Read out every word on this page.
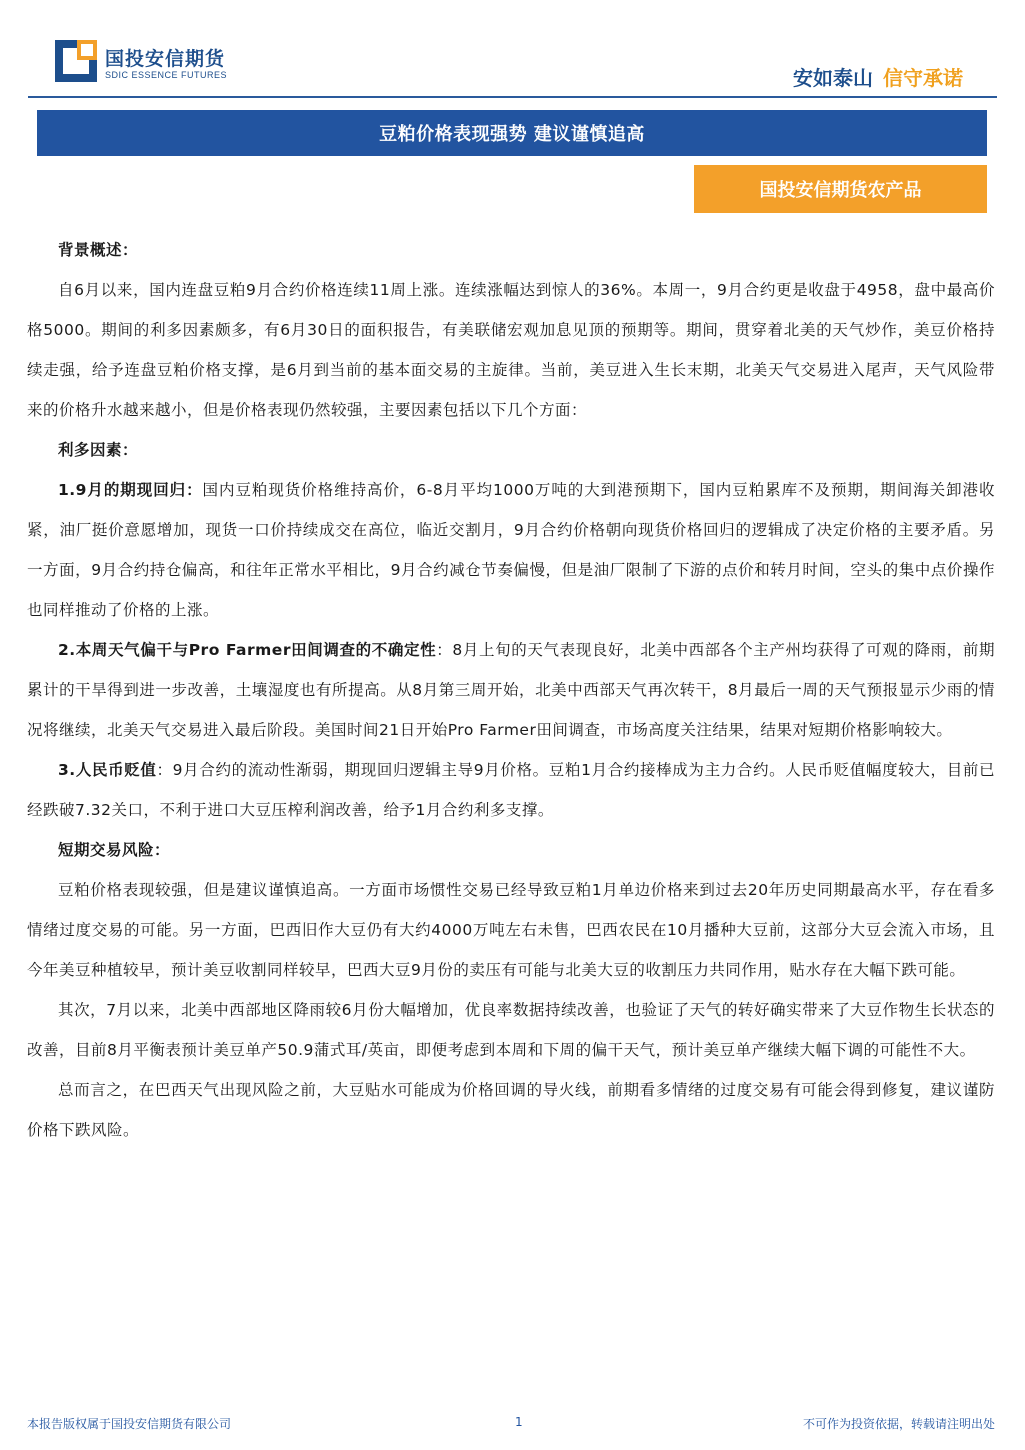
国投安信期货
SDIC ESSENCE FUTURES	安如泰山 信守承诺
豆粕价格表现强势 建议谨慎追高
国投安信期货农产品

背景概述：

自6月以来，国内连盘豆粕9月合约价格连续11周上涨。连续涨幅达到惊人的36%。本周一，9月合约更是收盘于4958，盘中最高价格5000。期间的利多因素颇多，有6月30日的面积报告，有美联储宏观加息见顶的预期等。期间，贯穿着北美的天气炒作，美豆价格持续走强，给予连盘豆粕价格支撑，是6月到当前的基本面交易的主旋律。当前，美豆进入生长末期，北美天气交易进入尾声，天气风险带来的价格升水越来越小，但是价格表现仍然较强，主要因素包括以下几个方面：

利多因素：

1.9月的期现回归：国内豆粕现货价格维持高价，6-8月平均1000万吨的大到港预期下，国内豆粕累库不及预期，期间海关卸港收紧，油厂挺价意愿增加，现货一口价持续成交在高位，临近交割月，9月合约价格朝向现货价格回归的逻辑成了决定价格的主要矛盾。另一方面，9月合约持仓偏高，和往年正常水平相比，9月合约减仓节奏偏慢，但是油厂限制了下游的点价和转月时间，空头的集中点价操作也同样推动了价格的上涨。

2.本周天气偏干与Pro Farmer田间调查的不确定性：8月上旬的天气表现良好，北美中西部各个主产州均获得了可观的降雨，前期累计的干旱得到进一步改善，土壤湿度也有所提高。从8月第三周开始，北美中西部天气再次转干，8月最后一周的天气预报显示少雨的情况将继续，北美天气交易进入最后阶段。美国时间21日开始Pro Farmer田间调查，市场高度关注结果，结果对短期价格影响较大。

3.人民币贬值：9月合约的流动性渐弱，期现回归逻辑主导9月价格。豆粕1月合约接棒成为主力合约。人民币贬值幅度较大，目前已经跌破7.32关口，不利于进口大豆压榨利润改善，给予1月合约利多支撑。

短期交易风险：

豆粕价格表现较强，但是建议谨慎追高。一方面市场惯性交易已经导致豆粕1月单边价格来到过去20年历史同期最高水平，存在看多情绪过度交易的可能。另一方面，巴西旧作大豆仍有大约4000万吨左右未售，巴西农民在10月播种大豆前，这部分大豆会流入市场，且今年美豆种植较早，预计美豆收割同样较早，巴西大豆9月份的卖压有可能与北美大豆的收割压力共同作用，贴水存在大幅下跌可能。

其次，7月以来，北美中西部地区降雨较6月份大幅增加，优良率数据持续改善，也验证了天气的转好确实带来了大豆作物生长状态的改善，目前8月平衡表预计美豆单产50.9蒲式耳/英亩，即便考虑到本周和下周的偏干天气，预计美豆单产继续大幅下调的可能性不大。

总而言之，在巴西天气出现风险之前，大豆贴水可能成为价格回调的导火线，前期看多情绪的过度交易有可能会得到修复，建议谨防价格下跌风险。

本报告版权属于国投安信期货有限公司	1	不可作为投资依据，转载请注明出处
